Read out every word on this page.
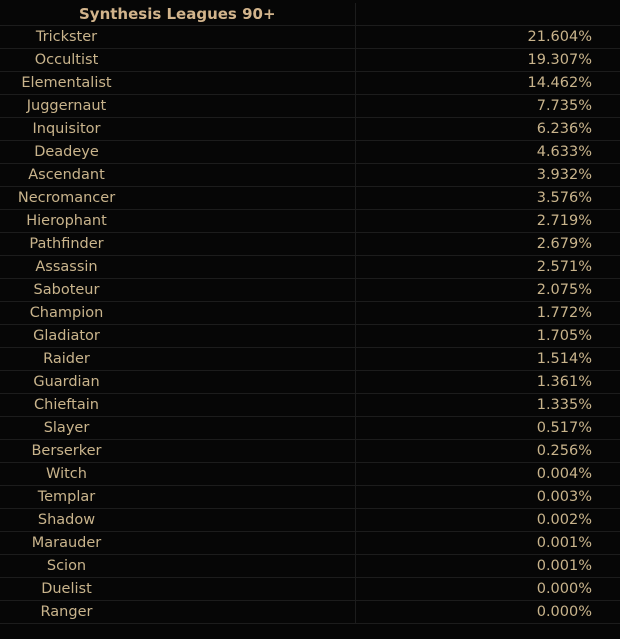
Synthesis Leagues 90+		
Trickster		21.604%
Occultist		19.307%
Elementalist		14.462%
Juggernaut		7.735%
Inquisitor		6.236%
Deadeye		4.633%
Ascendant		3.932%
Necromancer		3.576%
Hierophant		2.719%
Pathfinder		2.679%
Assassin		2.571%
Saboteur		2.075%
Champion		1.772%
Gladiator		1.705%
Raider		1.514%
Guardian		1.361%
Chieftain		1.335%
Slayer		0.517%
Berserker		0.256%
Witch		0.004%
Templar		0.003%
Shadow		0.002%
Marauder		0.001%
Scion		0.001%
Duelist		0.000%
Ranger		0.000%
